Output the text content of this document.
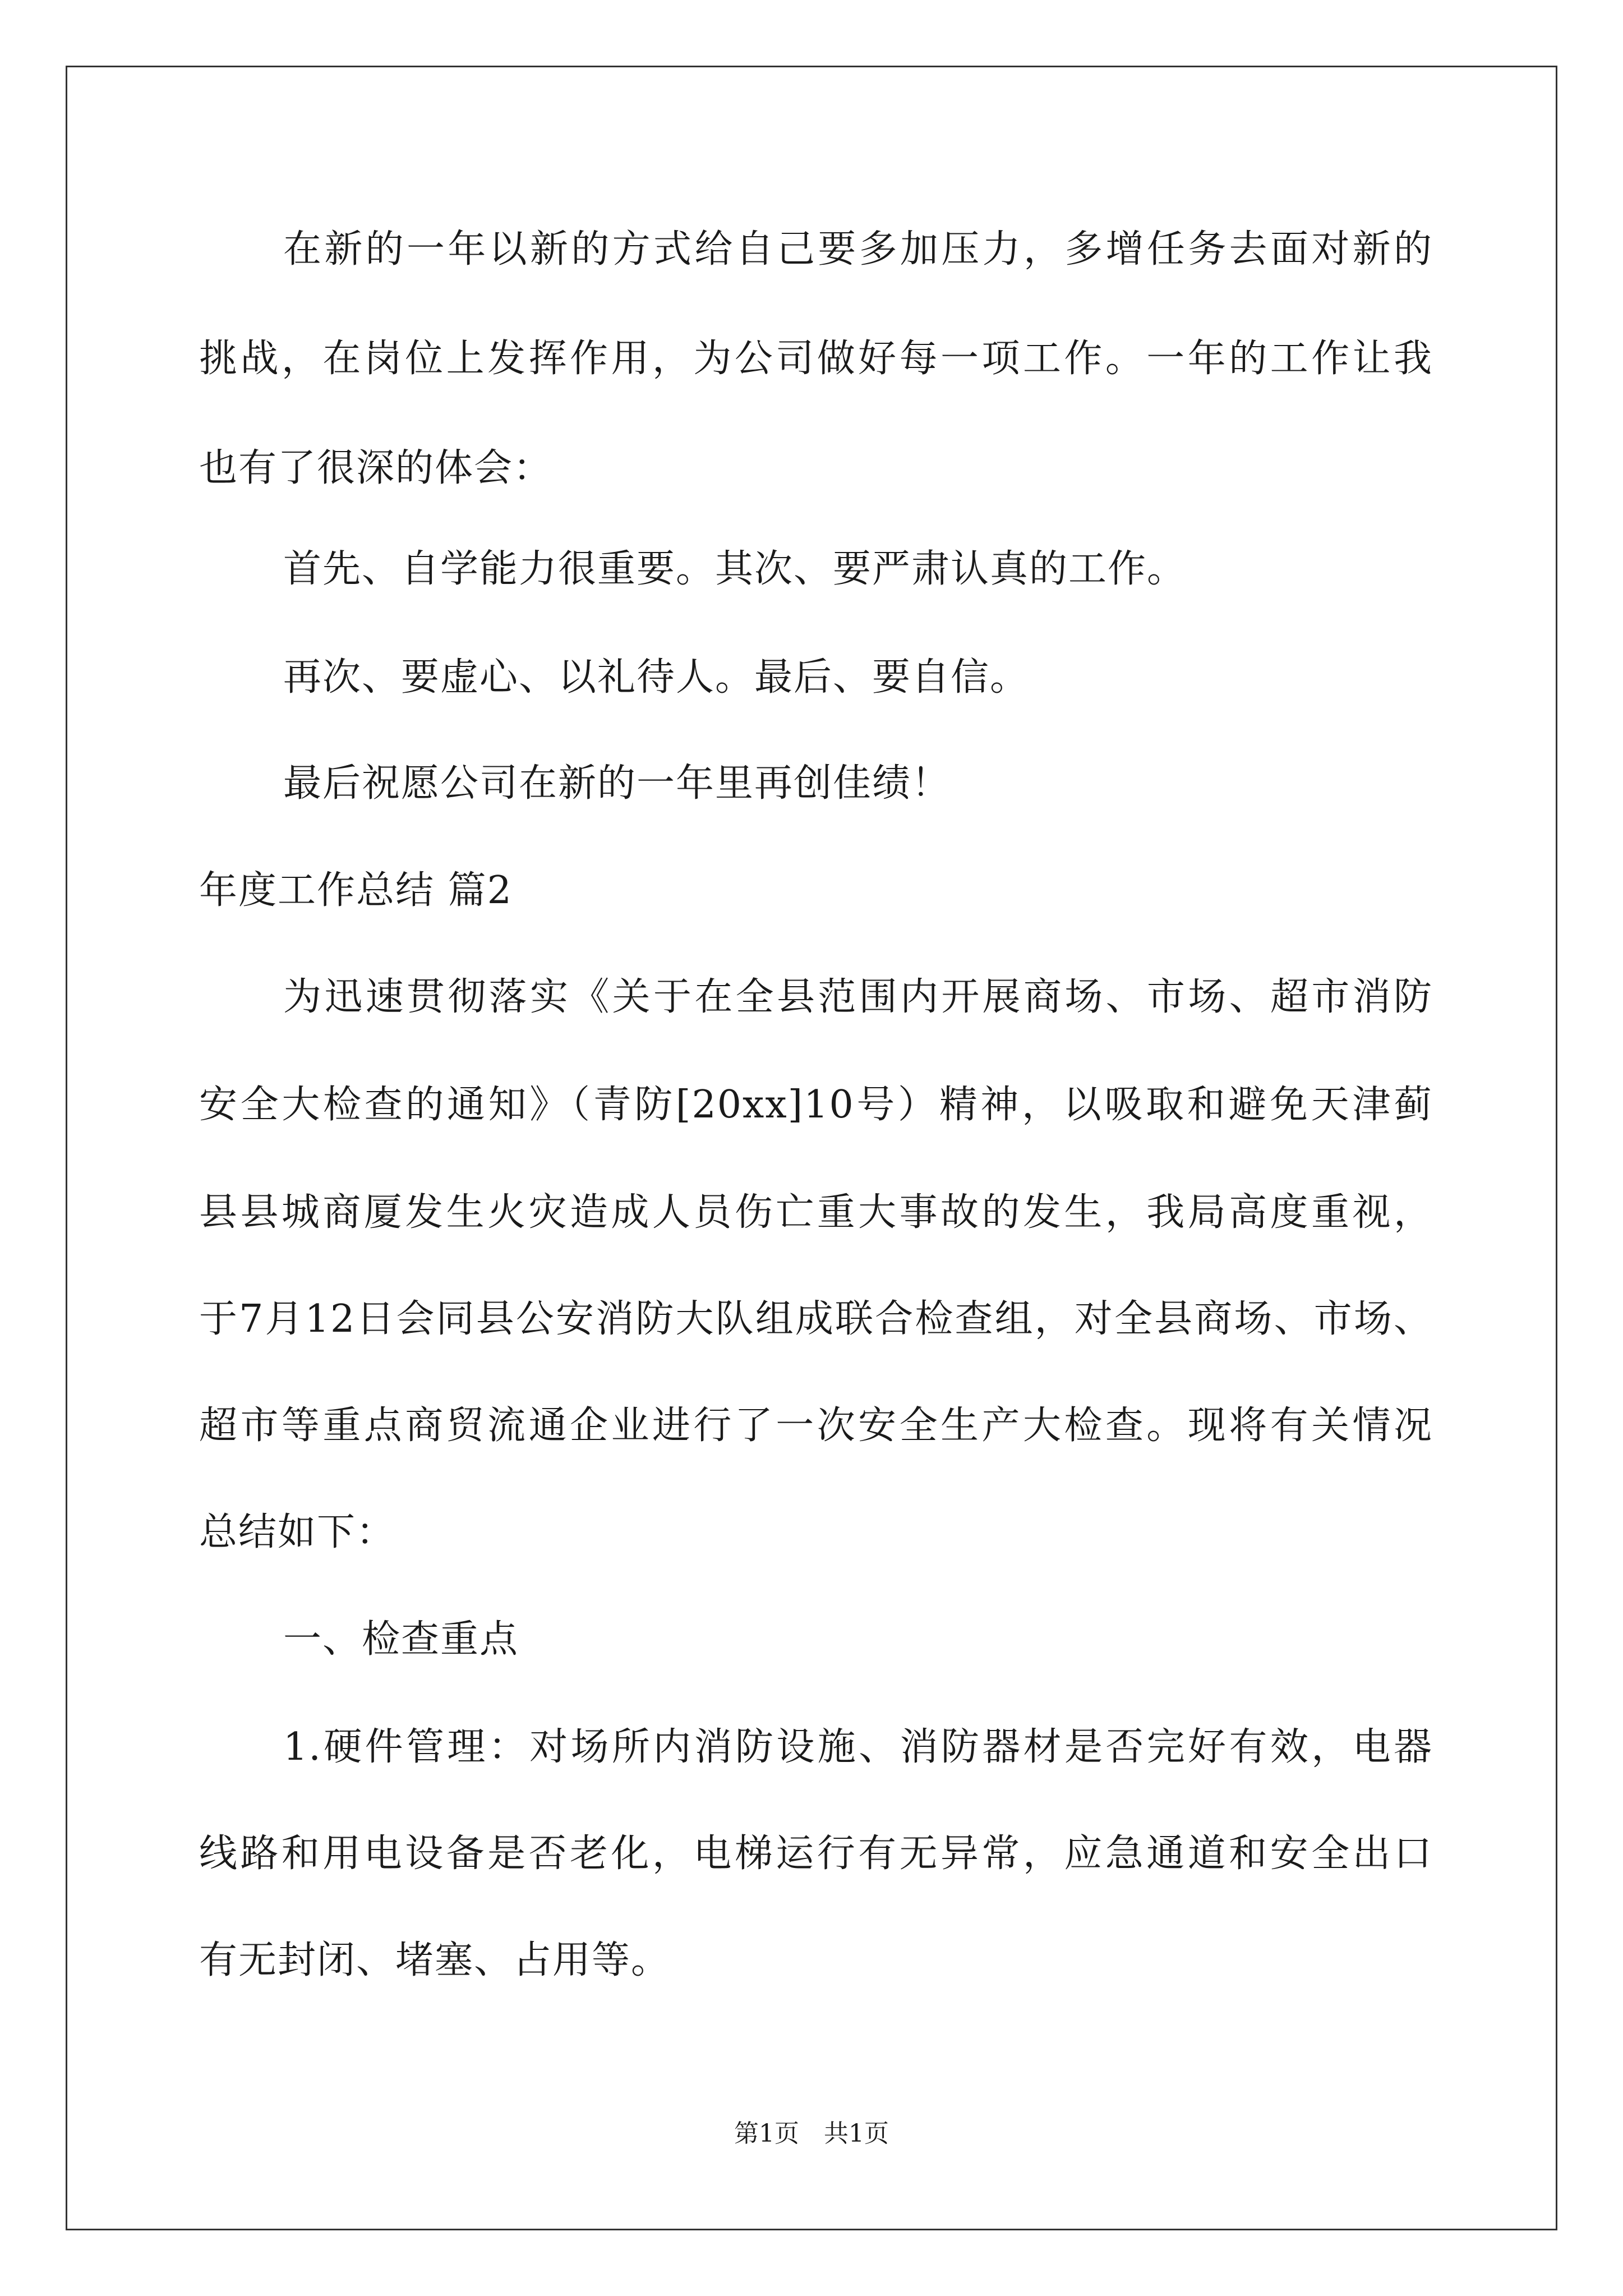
在新的一年以新的方式给自己要多加压力，多增任务去面对新的
挑战，在岗位上发挥作用，为公司做好每一项工作。一年的工作让我
也有了很深的体会：
首先、自学能力很重要。其次、要严肃认真的工作。
再次、要虚心、以礼待人。最后、要自信。
最后祝愿公司在新的一年里再创佳绩！
年度工作总结 篇2
为迅速贯彻落实《关于在全县范围内开展商场、市场、超市消防
安全大检查的通知》（青防[20xx]10号）精神，以吸取和避免天津蓟
县县城商厦发生火灾造成人员伤亡重大事故的发生，我局高度重视，
于7月12日会同县公安消防大队组成联合检查组，对全县商场、市场、
超市等重点商贸流通企业进行了一次安全生产大检查。现将有关情况
总结如下：
一、检查重点
1.硬件管理：对场所内消防设施、消防器材是否完好有效，电器
线路和用电设备是否老化，电梯运行有无异常，应急通道和安全出口
有无封闭、堵塞、占用等。
第1页　共1页
